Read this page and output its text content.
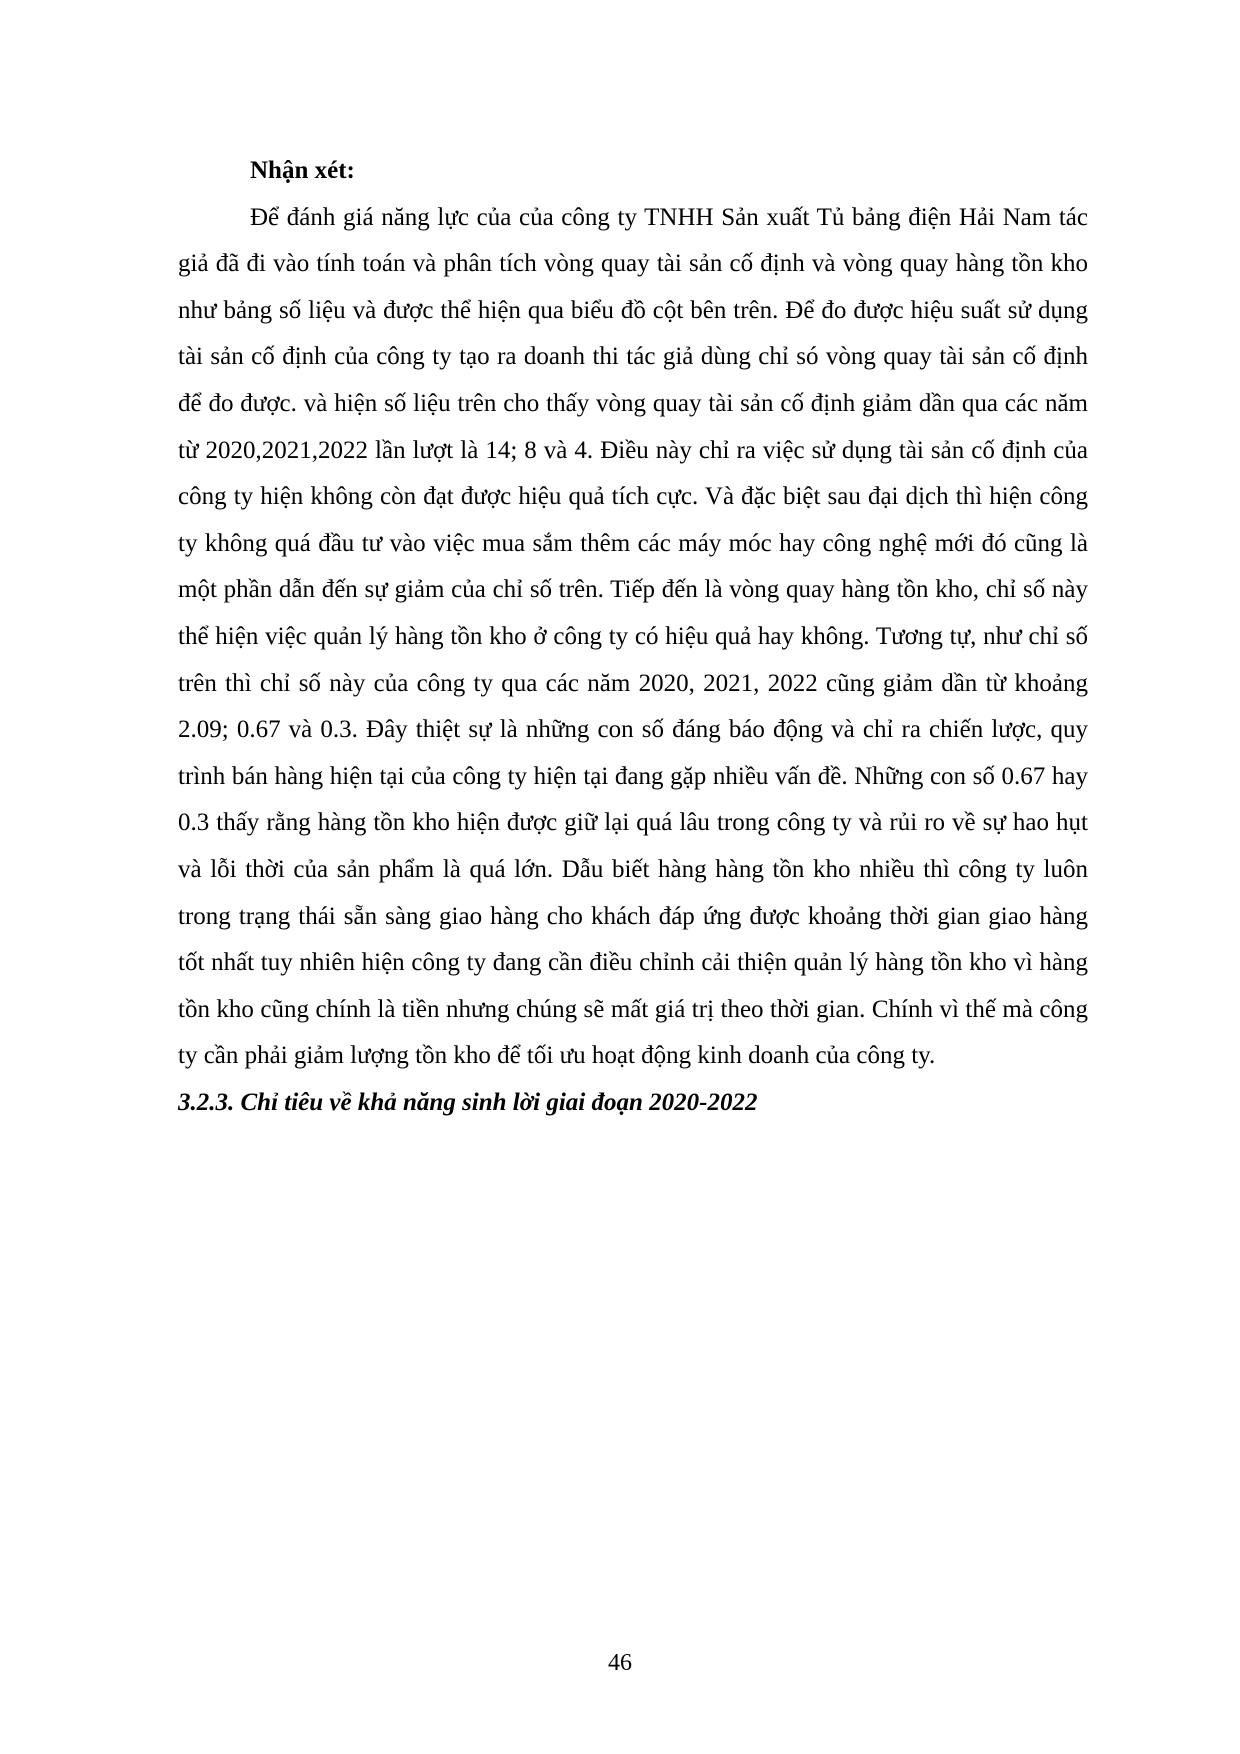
Nhận xét:

Để đánh giá năng lực của của công ty TNHH Sản xuất Tủ bảng điện Hải Nam tác giả đã đi vào tính toán và phân tích vòng quay tài sản cố định và vòng quay hàng tồn kho như bảng số liệu và được thể hiện qua biểu đồ cột bên trên. Để đo được hiệu suất sử dụng tài sản cố định của công ty tạo ra doanh thi tác giả dùng chỉ só vòng quay tài sản cố định để đo được. và hiện số liệu trên cho thấy vòng quay tài sản cố định giảm dần qua các năm từ 2020,2021,2022 lần lượt là 14; 8 và 4. Điều này chỉ ra việc sử dụng tài sản cố định của công ty hiện không còn đạt được hiệu quả tích cực. Và đặc biệt sau đại dịch thì hiện công ty không quá đầu tư vào việc mua sắm thêm các máy móc hay công nghệ mới đó cũng là một phần dẫn đến sự giảm của chỉ số trên. Tiếp đến là vòng quay hàng tồn kho, chỉ số này thể hiện việc quản lý hàng tồn kho ở công ty có hiệu quả hay không. Tương tự, như chỉ số trên thì chỉ số này của công ty qua các năm 2020, 2021, 2022 cũng giảm dần từ khoảng 2.09; 0.67 và 0.3. Đây thiệt sự là những con số đáng báo động và chỉ ra chiến lược, quy trình bán hàng hiện tại của công ty hiện tại đang gặp nhiều vấn đề. Những con số 0.67 hay 0.3 thấy rằng hàng tồn kho hiện được giữ lại quá lâu trong công ty và rủi ro về sự hao hụt và lỗi thời của sản phẩm là quá lớn. Dẫu biết hàng hàng tồn kho nhiều thì công ty luôn trong trạng thái sẵn sàng giao hàng cho khách đáp ứng được khoảng thời gian giao hàng tốt nhất tuy nhiên hiện công ty đang cần điều chỉnh cải thiện quản lý hàng tồn kho vì hàng tồn kho cũng chính là tiền nhưng chúng sẽ mất giá trị theo thời gian. Chính vì thế mà công ty cần phải giảm lượng tồn kho để tối ưu hoạt động kinh doanh của công ty.

3.2.3. Chỉ tiêu về khả năng sinh lời giai đoạn 2020-2022

46
